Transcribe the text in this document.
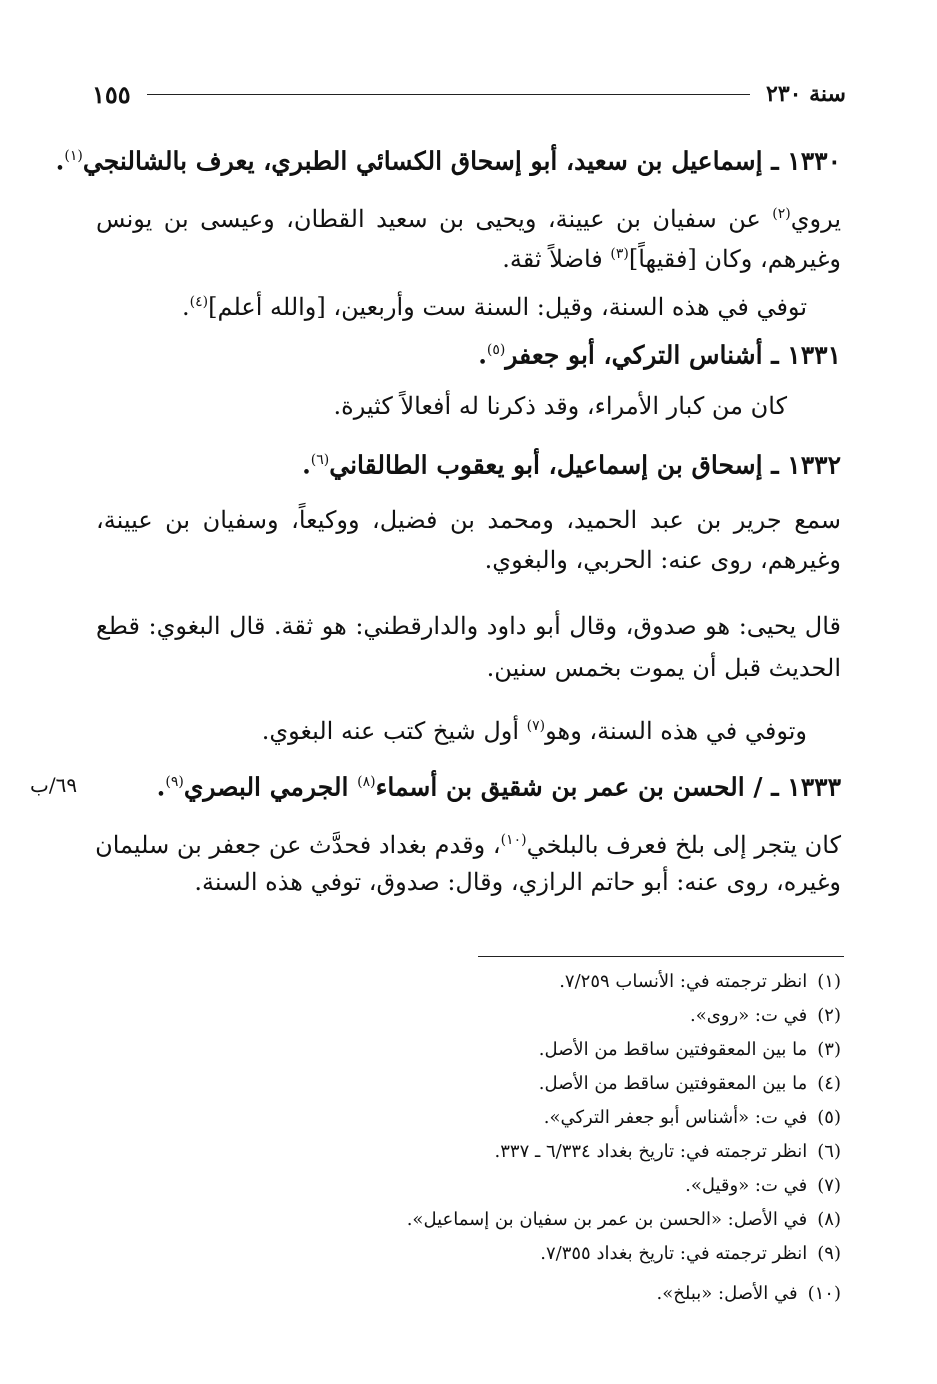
سنة ٢٣٠
١٥٥
١٣٣٠ ـ إسماعيل بن سعيد، أبو إسحاق الكسائي الطبري، يعرف بالشالنجي$^{(١)}$.
يروي$^{(٢)}$ عن سفيان بن عيينة، ويحيى بن سعيد القطان، وعيسى بن يونس
وغيرهم، وكان [فقيهاً]$^{(٣)}$ فاضلاً ثقة.
توفي في هذه السنة، وقيل: السنة ست وأربعين، [والله أعلم]$^{(٤)}$.
١٣٣١ ـ أشناس التركي، أبو جعفر$^{(٥)}$.
كان من كبار الأمراء، وقد ذكرنا له أفعالاً كثيرة.
١٣٣٢ ـ إسحاق بن إسماعيل، أبو يعقوب الطالقاني$^{(٦)}$.
سمع جرير بن عبد الحميد، ومحمد بن فضيل، ووكيعاً، وسفيان بن عيينة،
وغيرهم، روى عنه: الحربي، والبغوي.
قال يحيى: هو صدوق، وقال أبو داود والدارقطني: هو ثقة. قال البغوي: قطع
الحديث قبل أن يموت بخمس سنين.
وتوفي في هذه السنة، وهو$^{(٧)}$ أول شيخ كتب عنه البغوي.
١٣٣٣ ـ / الحسن بن عمر بن شقيق بن أسماء$^{(٨)}$ الجرمي البصري$^{(٩)}$.
٦٩/ب
كان يتجر إلى بلخ فعرف بالبلخي$^{(١٠)}$، وقدم بغداد فحدَّث عن جعفر بن سليمان
وغيره، روى عنه: أبو حاتم الرازي، وقال: صدوق، توفي هذه السنة.
(١)انظر ترجمته في: الأنساب ٧/٢٥٩.
(٢)في ت: «روى».
(٣)ما بين المعقوفتين ساقط من الأصل.
(٤)ما بين المعقوفتين ساقط من الأصل.
(٥)في ت: «أشناس أبو جعفر التركي».
(٦)انظر ترجمته في: تاريخ بغداد ٦/٣٣٤ ـ ٣٣٧.
(٧)في ت: «وقيل».
(٨)في الأصل: «الحسن بن عمر بن سفيان بن إسماعيل».
(٩)انظر ترجمته في: تاريخ بغداد ٧/٣٥٥.
(١٠)في الأصل: «ببلخ».
